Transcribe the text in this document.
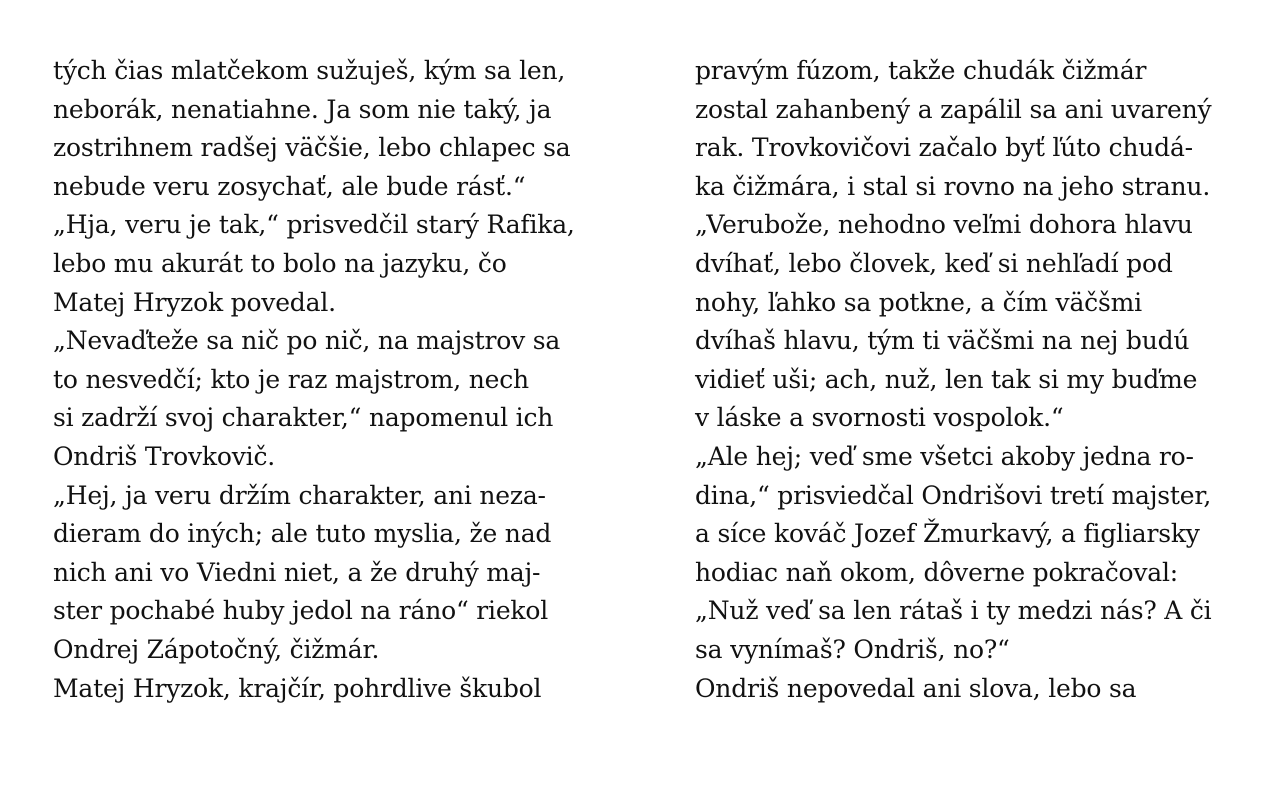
tých čias mlatčekom sužuješ, kým sa len,
neborák, nenatiahne. Ja som nie taký, ja
zostrihnem radšej väčšie, lebo chlapec sa
nebude veru zosychať, ale bude rásť.“
„Hja, veru je tak,“ prisvedčil starý Rafika,
lebo mu akurát to bolo na jazyku, čo
Matej Hryzok povedal.
„Nevaďteže sa nič po nič, na majstrov sa
to nesvedčí; kto je raz majstrom, nech
si zadrží svoj charakter,“ napomenul ich
Ondriš Trovkovič.
„Hej, ja veru držím charakter, ani neza-
dieram do iných; ale tuto myslia, že nad
nich ani vo Viedni niet, a že druhý maj-
ster pochabé huby jedol na ráno“ riekol
Ondrej Zápotočný, čižmár.
Matej Hryzok, krajčír, pohrdlive škubol
pravým fúzom, takže chudák čižmár
zostal zahanbený a zapálil sa ani uvarený
rak. Trovkovičovi začalo byť ľúto chudá-
ka čižmára, i stal si rovno na jeho stranu.
„Verubože, nehodno veľmi dohora hlavu
dvíhať, lebo človek, keď si nehľadí pod
nohy, ľahko sa potkne, a čím väčšmi
dvíhaš hlavu, tým ti väčšmi na nej budú
vidieť uši; ach, nuž, len tak si my buďme
v láske a svornosti vospolok.“
„Ale hej; veď sme všetci akoby jedna ro-
dina,“ prisviedčal Ondrišovi tretí majster,
a síce kováč Jozef Žmurkavý, a figliarsky
hodiac naň okom, dôverne pokračoval:
„Nuž veď sa len rátaš i ty medzi nás? A či
sa vynímaš? Ondriš, no?“
Ondriš nepovedal ani slova, lebo sa
